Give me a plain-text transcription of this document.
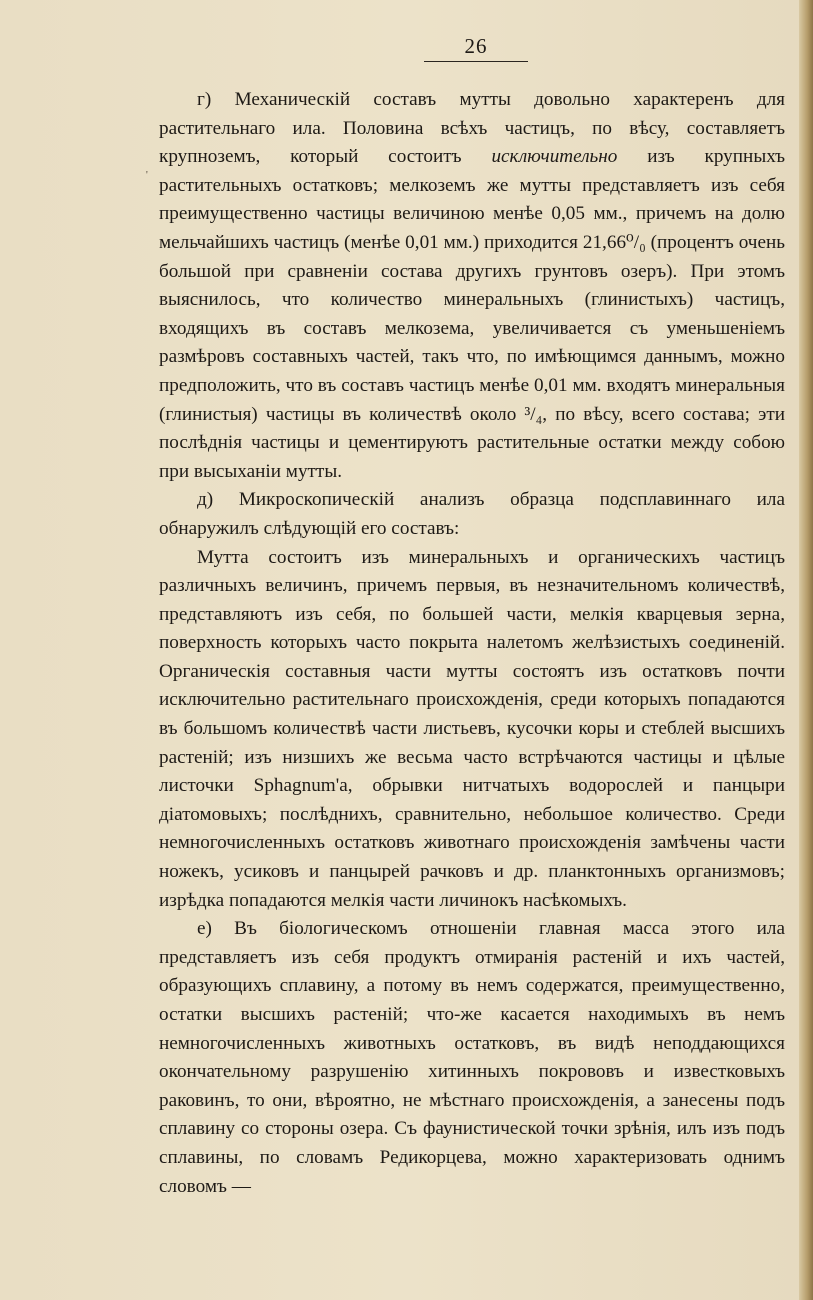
26
'

г) Механическій составъ мутты довольно характеренъ для растительнаго ила. Половина всѣхъ частицъ, по вѣсу, составляетъ крупноземъ, который состоитъ исключительно изъ крупныхъ растительныхъ остатковъ; мелкоземъ же мутты представляетъ изъ себя преимущественно частицы величиною менѣе 0,05 мм., причемъ на долю мельчайшихъ частицъ (менѣе 0,01 мм.) приходится 21,66⁰/₀ (процентъ очень большой при сравненіи состава другихъ грунтовъ озеръ). При этомъ выяснилось, что количество минеральныхъ (глинистыхъ) частицъ, входящихъ въ составъ мелкозема, увеличивается съ уменьшеніемъ размѣровъ составныхъ частей, такъ что, по имѣющимся даннымъ, можно предположить, что въ составъ частицъ менѣе 0,01 мм. входятъ минеральныя (глинистыя) частицы въ количествѣ около ³/₄, по вѣсу, всего состава; эти послѣднія частицы и цементируютъ растительные остатки между собою при высыханіи мутты.

д) Микроскопическій анализъ образца подсплавиннаго ила обнаружилъ слѣдующій его составъ:

Мутта состоитъ изъ минеральныхъ и органическихъ частицъ различныхъ величинъ, причемъ первыя, въ незначительномъ количествѣ, представляютъ изъ себя, по большей части, мелкія кварцевыя зерна, поверхность которыхъ часто покрыта налетомъ желѣзистыхъ соединеній. Органическія составныя части мутты состоятъ изъ остатковъ почти исключительно растительнаго происхожденія, среди которыхъ попадаются въ большомъ количествѣ части листьевъ, кусочки коры и стеблей высшихъ растеній; изъ низшихъ же весьма часто встрѣчаются частицы и цѣлые листочки Sphagnum'а, обрывки нитчатыхъ водорослей и панцыри діатомовыхъ; послѣднихъ, сравнительно, небольшое количество. Среди немногочисленныхъ остатковъ животнаго происхожденія замѣчены части ножекъ, усиковъ и панцырей рачковъ и др. планктонныхъ организмовъ; изрѣдка попадаются мелкія части личинокъ насѣкомыхъ.

е) Въ біологическомъ отношеніи главная масса этого ила представляетъ изъ себя продуктъ отмиранія растеній и ихъ частей, образующихъ сплавину, а потому въ немъ содержатся, преимущественно, остатки высшихъ растеній; что-же касается находимыхъ въ немъ немногочисленныхъ животныхъ остатковъ, въ видѣ неподдающихся окончательному разрушенію хитинныхъ покрововъ и известковыхъ раковинъ, то они, вѣроятно, не мѣстнаго происхожденія, а занесены подъ сплавину со стороны озера. Съ фаунистической точки зрѣнія, илъ изъ подъ сплавины, по словамъ Редикорцева, можно характеризовать однимъ словомъ —
